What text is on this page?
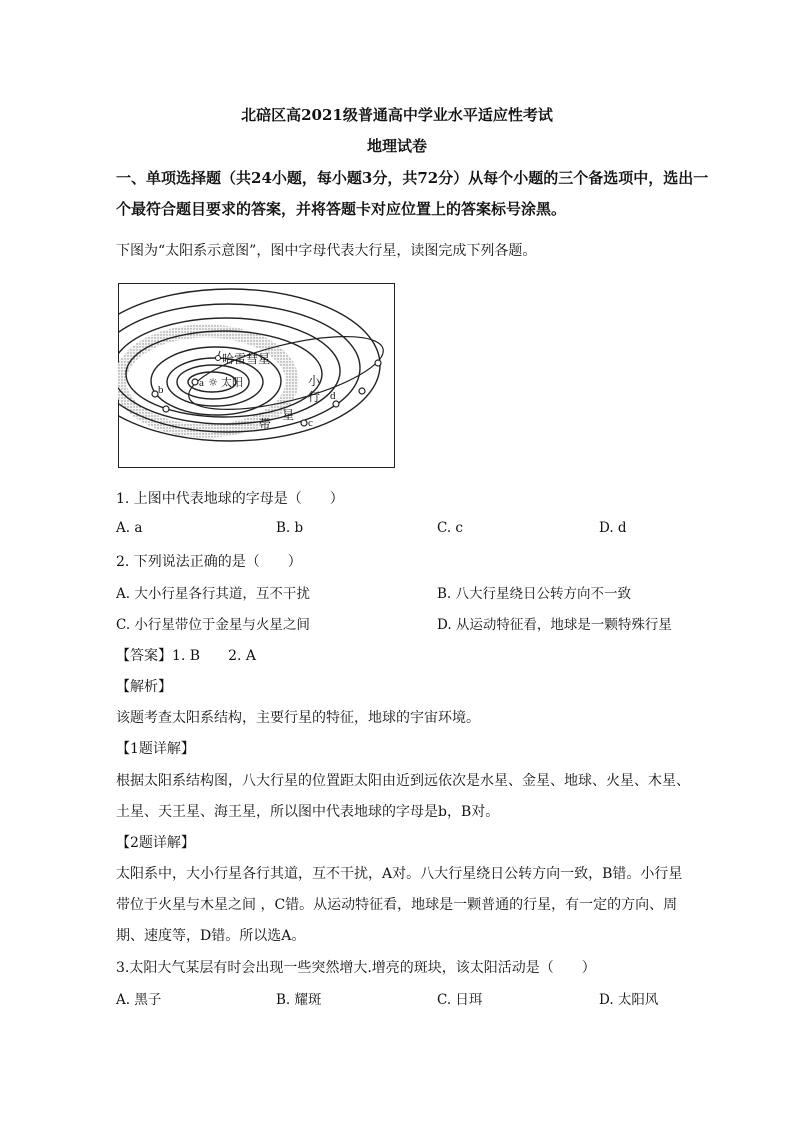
北碚区高2021级普通高中学业水平适应性考试
地理试卷
一、单项选择题（共24小题，每小题3分，共72分）从每个小题的三个备选项中，选出一
个最符合题目要求的答案，并将答题卡对应位置上的答案标号涂黑。
下图为“太阳系示意图”，图中字母代表大行星，读图完成下列各题。
☼
哈雷彗星
太阳
a
b
c
d
小
行
星
带
1. 上图中代表地球的字母是（　　）
A. a	B. b	C. c	D. d
2. 下列说法正确的是（　　）
A. 大小行星各行其道，互不干扰	B. 八大行星绕日公转方向不一致
C. 小行星带位于金星与火星之间	D. 从运动特征看，地球是一颗特殊行星
【答案】1. B　　2. A
【解析】
该题考查太阳系结构，主要行星的特征，地球的宇宙环境。
【1题详解】
根据太阳系结构图，八大行星的位置距太阳由近到远依次是水星、金星、地球、火星、木星、
土星、天王星、海王星，所以图中代表地球的字母是b，B对。
【2题详解】
太阳系中，大小行星各行其道，互不干扰，A对。八大行星绕日公转方向一致，B错。小行星
带位于火星与木星之间 ，C错。从运动特征看，地球是一颗普通的行星，有一定的方向、周
期、速度等，D错。所以选A。
3.太阳大气某层有时会出现一些突然增大.增亮的斑块，该太阳活动是（　　）
A. 黑子	B. 耀斑	C. 日珥	D. 太阳风
